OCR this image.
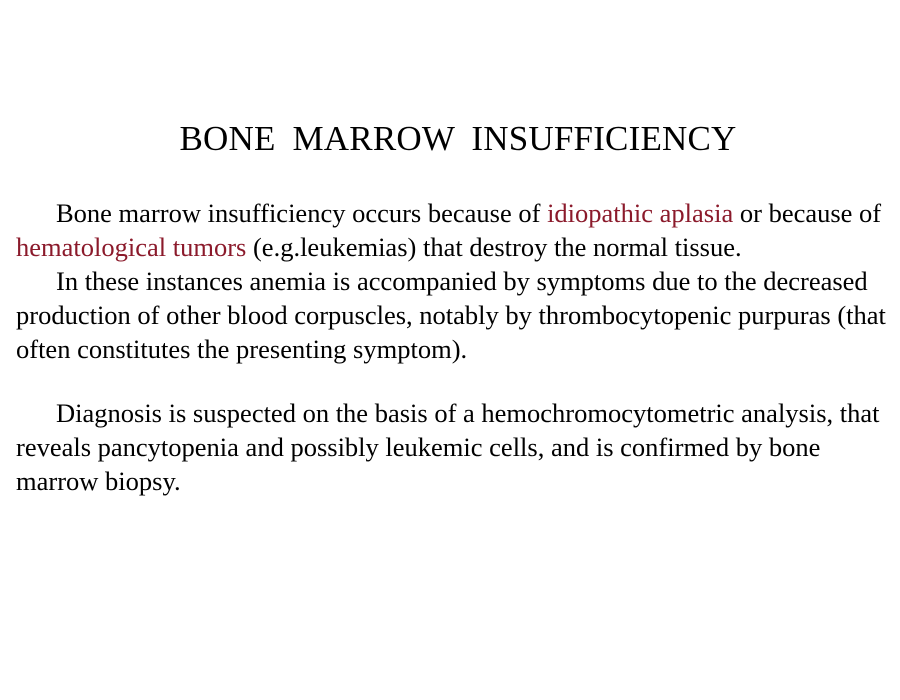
BONE MARROW INSUFFICIENCY

Bone marrow insufficiency occurs because of idiopathic aplasia or because of hematological tumors (e.g.leukemias) that destroy the normal tissue.

In these instances anemia is accompanied by symptoms due to the decreased production of other blood corpuscles, notably by thrombocytopenic purpuras (that often constitutes the presenting symptom).

Diagnosis is suspected on the basis of a hemochromocytometric analysis, that reveals pancytopenia and possibly leukemic cells, and is confirmed by bone marrow biopsy.
